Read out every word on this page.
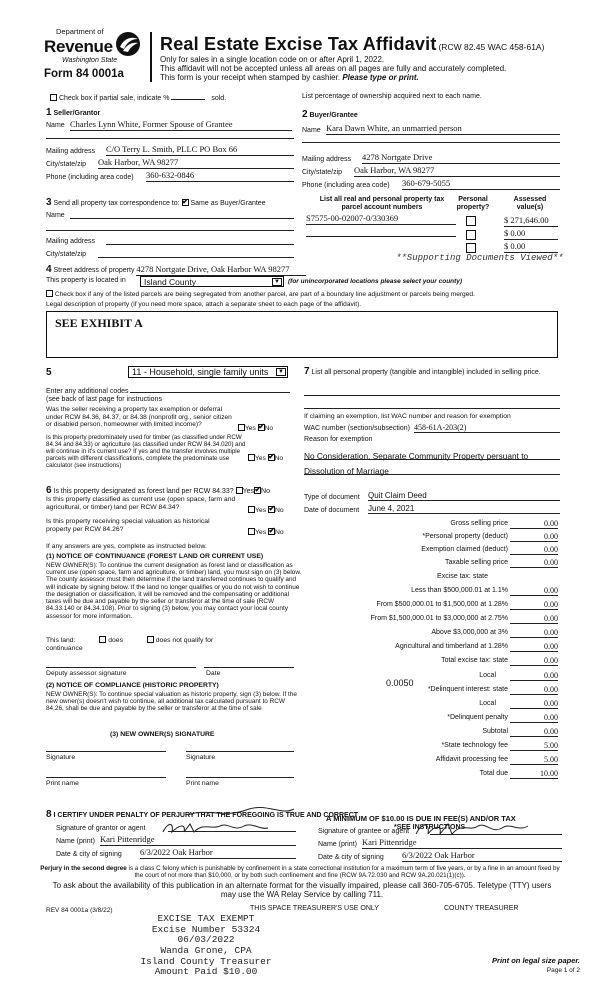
Department of
Revenue
Washington State
Form 84 0001a
Real Estate Excise Tax Affidavit (RCW 82.45 WAC 458-61A)
Only for sales in a single location code on or after April 1, 2022.
This affidavit will not be accepted unless all areas on all pages are fully and accurately completed.
This form is your receipt when stamped by cashier. Please type or print.
Check box if partial sale, indicate %	sold.	List percentage of ownership acquired next to each name.
1 Seller/Grantor
Name Charles Lynn White, Former Spouse of Grantee
Mailing address C/O Terry L. Smith, PLLC PO Box 66
City/state/zip Oak Harbor, WA 98277
Phone (including area code) 360-632-0846
2 Buyer/Grantee
Name Kara Dawn White, an unmarried person
Mailing address 4278 Nortgate Drive
City/state/zip Oak Harbor, WA 98277
Phone (including area code) 360-679-5055
3 Send all property tax correspondence to: ✔ Same as Buyer/Grantee
Name
Mailing address
City/state/zip
List all real and personal property tax parcel account numbers
Personal property?
Assessed value(s)
S7575-00-02007-0/330369	$ 271,646.00
$ 0.00
$ 0.00
**Supporting Documents Viewed**
4 Street address of property 4278 Nortgate Drive, Oak Harbor WA 98277
This property is located in	Island County	▼	(for unincorporated locations please select your county)
Check box if any of the listed parcels are being segregated from another parcel, are part of a boundary line adjustment or parcels being merged.
Legal description of property (if you need more space, attach a separate sheet to each page of the affidavit).
SEE EXHIBIT A
5	11 - Household, single family units	▼
Enter any additional codes
(see back of last page for instructions
Was the seller receiving a property tax exemption or deferral under RCW 84.36, 84.37, or 84.38 (nonprofit org., senior citizen or disabled person, homeowner with limited income)?
Yes ✔ No
Is this property predominately used for timber (as classified under RCW 84.34 and 84.33) or agriculture (as classified under RCW 84.34.020) and will continue in it's current use? If yes and the transfer involves multiple parcels with different classifications, complete the predominate use calculator (see instructions)
Yes ✔ No
6 Is this property designated as forest land per RCW 84.33? Yes ✔ No
Is this property classified as current use (open space, farm and agricultural, or timber) land per RCW 84.34?	Yes ✔ No
Is this property receiving special valuation as historical property per RCW 84.26?	Yes ✔ No
If any answers are yes, complete as instructed below.
(1) NOTICE OF CONTINUANCE (FOREST LAND OR CURRENT USE)
NEW OWNER(S): To continue the current designation as forest land or classification as current use (open space, farm and agriculture, or timber) land, you must sign on (3) below. The county assessor must then determine if the land transferred continues to qualify and will indicate by signing below. If the land no longer qualifies or you do not wish to continue the designation or classification, it will be removed and the compensating or additional taxes will be due and payable by the seller or transferor at the time of sale (RCW 84.33.140 or 84.34.108). Prior to signing (3) below, you may contact your local county assessor for more information.
This land:	does	does not qualify for
continuance
Deputy assessor signature	Date
(2) NOTICE OF COMPLIANCE (HISTORIC PROPERTY)
NEW OWNER(S): To continue special valuation as historic property, sign (3) below. If the new owner(s) doesn't wish to continue, all additional tax calculated pursuant to RCW 84.26, shall be due and payable by the seller or transferor at the time of sale
(3) NEW OWNER(S) SIGNATURE
Signature	Signature
Print name	Print name
7 List all personal property (tangible and intangible) included in selling price.
If claiming an exemption, list WAC number and reason for exemption
WAC number (section/subsection) 458-61A-203(2)
Reason for exemption
No Consideration, Separate Community Property persuant to Dissolution of Marriage
Type of document Quit Claim Deed
Date of document June 4, 2021
Gross selling price	0.00
*Personal property (deduct)	0.00
Exemption claimed (deduct)	0.00
Taxable selling price	0.00
Excise tax: state
Less than $500,000.01 at 1.1%	0.00
From $500,000.01 to $1,500,000 at 1.28%	0.00
From $1,500,000.01 to $3,000,000 at 2.75%	0.00
Above $3,000,000 at 3%	0.00
Agricultural and timberland at 1.28%	0.00
Total excise tax: state	0.00
Local	0.00
*Delinquent interest: state	0.00
Local	0.00
*Delinquent penalty	0.00
Subtotal	0.00
*State technology fee	5.00
Affidavit processing fee	5.00
Total due	10.00
0.0050
A MINIMUM OF $10.00 IS DUE IN FEE(S) AND/OR TAX
*SEE INSTRUCTIONS
8 I CERTIFY UNDER PENALTY OF PERJURY THAT THE FOREGOING IS TRUE AND CORRECT
Signature of grantor or agent
Name (print) Kari Pittenridge
Date & city of signing 6/3/2022 Oak Harbor
Signature of grantee or agent
Name (print) Kari Pittenridge
Date & city of signing 6/3/2022 Oak Harbor
Perjury in the second degree is a class C felony which is punishable by confinement in a state correctional institution for a maximum term of five years, or by a fine in an amount fixed by the court of not more than $10,000, or by both such confinement and fine (RCW 9A.72.030 and RCW 9A.20.021(1)(c)).
To ask about the availability of this publication in an alternate format for the visually impaired, please call 360-705-6705. Teletype (TTY) users may use the WA Relay Service by calling 711.
REV 84 0001a (3/8/22)	THIS SPACE TREASURER'S USE ONLY	COUNTY TREASURER
EXCISE TAX EXEMPT
Excise Number 53324
06/03/2022
Wanda Grone, CPA
Island County Treasurer
Amount Paid $10.00
Print on legal size paper.
Page 1 of 2
